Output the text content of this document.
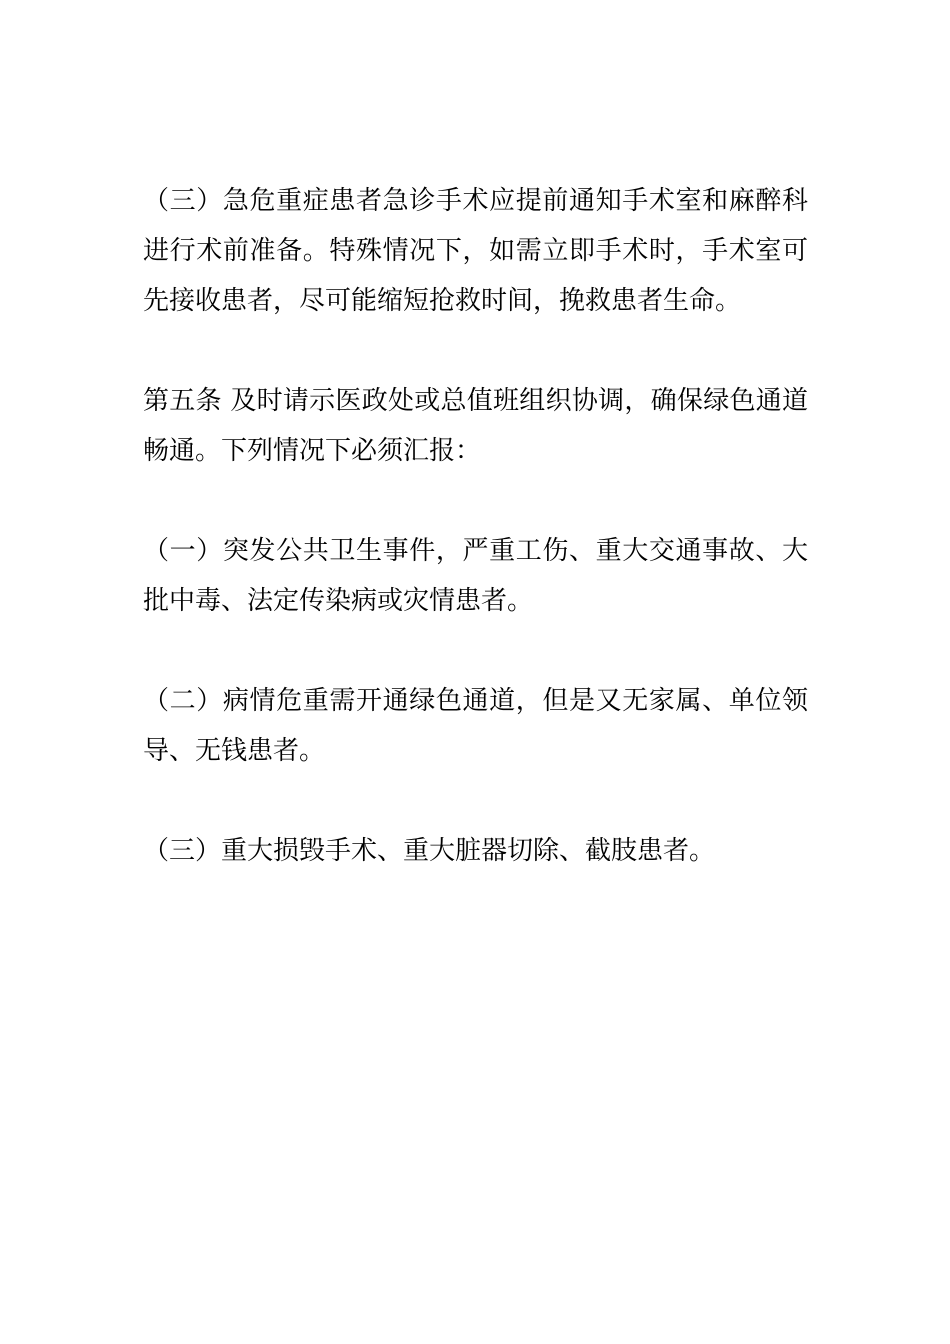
（三）急危重症患者急诊手术应提前通知手术室和麻醉科进行术前准备。特殊情况下，如需立即手术时，手术室可先接收患者，尽可能缩短抢救时间，挽救患者生命。

第五条 及时请示医政处或总值班组织协调，确保绿色通道畅通。下列情况下必须汇报：

（一）突发公共卫生事件，严重工伤、重大交通事故、大批中毒、法定传染病或灾情患者。

（二）病情危重需开通绿色通道，但是又无家属、单位领导、无钱患者。

（三）重大损毁手术、重大脏器切除、截肢患者。
